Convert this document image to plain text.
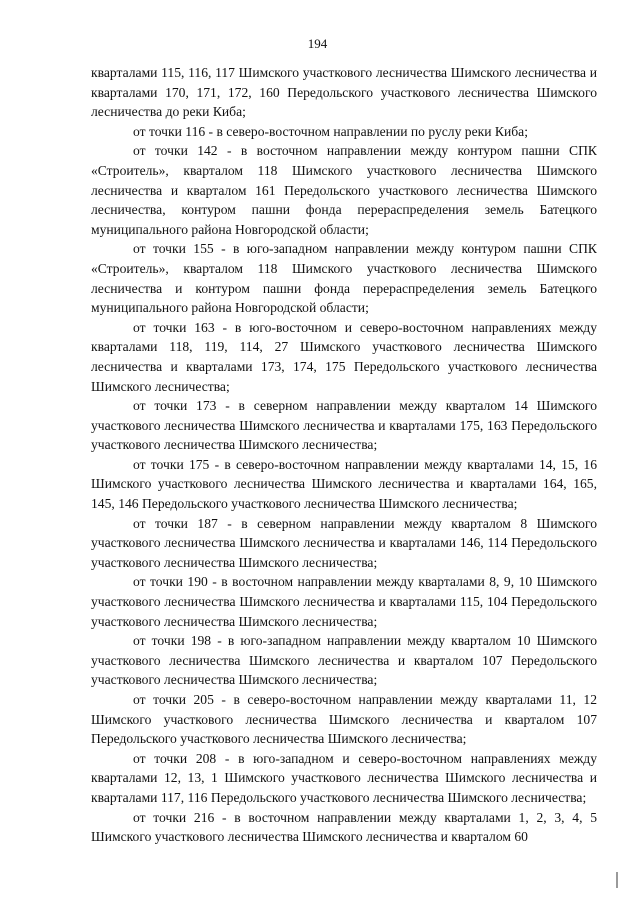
194

кварталами 115, 116, 117 Шимского участкового лесничества Шимского лесничества и кварталами 170, 171, 172, 160 Передольского участкового лесничества Шимского лесничества до реки Киба;

от точки 116 - в северо-восточном направлении по руслу реки Киба;

от точки 142 - в восточном направлении между контуром пашни СПК «Строитель», кварталом 118 Шимского участкового лесничества Шимского лесничества и кварталом 161 Передольского участкового лесничества Шимского лесничества, контуром пашни фонда перераспределения земель Батецкого муниципального района Новгородской области;

от точки 155 - в юго-западном направлении между контуром пашни СПК «Строитель», кварталом 118 Шимского участкового лесничества Шимского лесничества и контуром пашни фонда перераспределения земель Батецкого муниципального района Новгородской области;

от точки 163 - в юго-восточном и северо-восточном направлениях между кварталами 118, 119, 114, 27 Шимского участкового лесничества Шимского лесничества и кварталами 173, 174, 175 Передольского участкового лесничества Шимского лесничества;

от точки 173 - в северном направлении между кварталом 14 Шимского участкового лесничества Шимского лесничества и кварталами 175, 163 Передольского участкового лесничества Шимского лесничества;

от точки 175 - в северо-восточном направлении между кварталами 14, 15, 16 Шимского участкового лесничества Шимского лесничества и кварталами 164, 165, 145, 146 Передольского участкового лесничества Шимского лесничества;

от точки 187 - в северном направлении между кварталом 8 Шимского участкового лесничества Шимского лесничества и кварталами 146, 114 Передольского участкового лесничества Шимского лесничества;

от точки 190 - в восточном направлении между кварталами 8, 9, 10 Шимского участкового лесничества Шимского лесничества и кварталами 115, 104 Передольского участкового лесничества Шимского лесничества;

от точки 198 - в юго-западном направлении между кварталом 10 Шимского участкового лесничества Шимского лесничества и кварталом 107 Передольского участкового лесничества Шимского лесничества;

от точки 205 - в северо-восточном направлении между кварталами 11, 12 Шимского участкового лесничества Шимского лесничества и кварталом 107 Передольского участкового лесничества Шимского лесничества;

от точки 208 - в юго-западном и северо-восточном направлениях между кварталами 12, 13, 1 Шимского участкового лесничества Шимского лесничества и кварталами 117, 116 Передольского участкового лесничества Шимского лесничества;

от точки 216 - в восточном направлении между кварталами 1, 2, 3, 4, 5 Шимского участкового лесничества Шимского лесничества и кварталом 60
